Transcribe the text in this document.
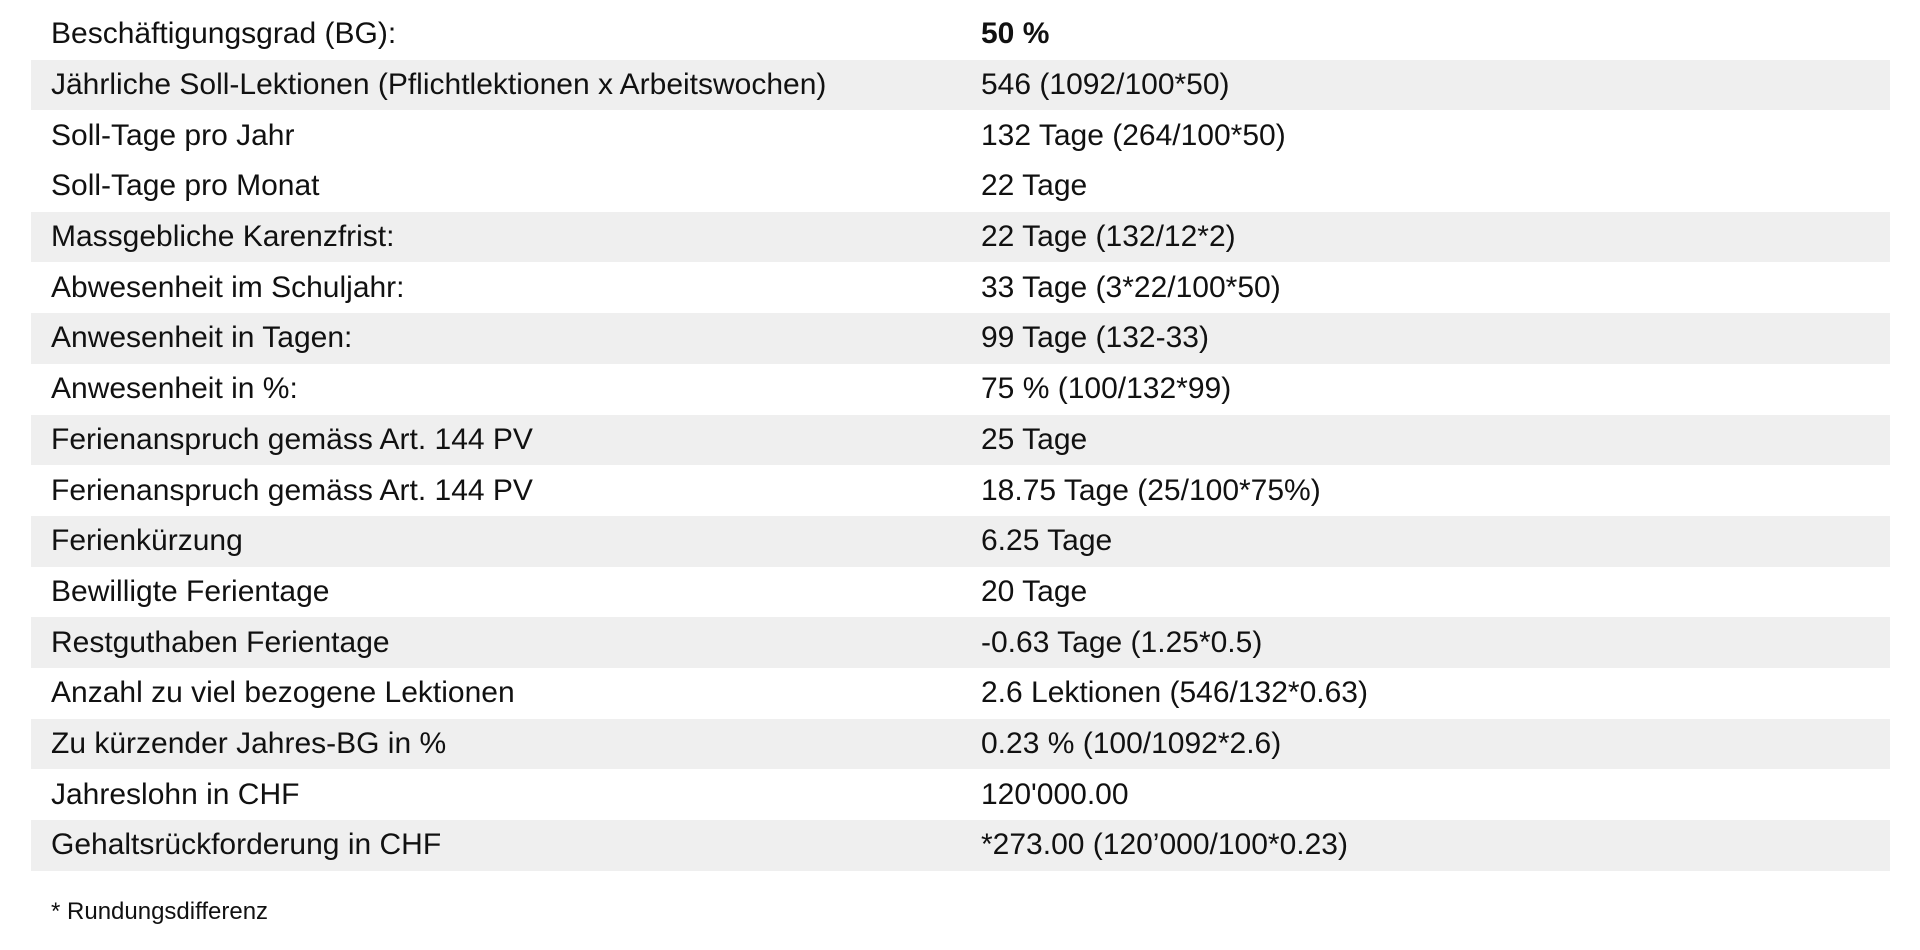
Beschäftigungsgrad (BG):	50 %
Jährliche Soll-Lektionen (Pflichtlektionen x Arbeitswochen)	546 (1092/100*50)
Soll-Tage pro Jahr	132 Tage (264/100*50)
Soll-Tage pro Monat	22 Tage
Massgebliche Karenzfrist:	22 Tage (132/12*2)
Abwesenheit im Schuljahr:	33 Tage (3*22/100*50)
Anwesenheit in Tagen:	99 Tage (132-33)
Anwesenheit in %:	75 % (100/132*99)
Ferienanspruch gemäss Art. 144 PV	25 Tage
Ferienanspruch gemäss Art. 144 PV	18.75 Tage (25/100*75%)
Ferienkürzung	6.25 Tage
Bewilligte Ferientage	20 Tage
Restguthaben Ferientage	-0.63 Tage (1.25*0.5)
Anzahl zu viel bezogene Lektionen	2.6 Lektionen (546/132*0.63)
Zu kürzender Jahres-BG in %	0.23 % (100/1092*2.6)
Jahreslohn in CHF	120'000.00
Gehaltsrückforderung in CHF	*273.00 (120’000/100*0.23)
* Rundungsdifferenz
